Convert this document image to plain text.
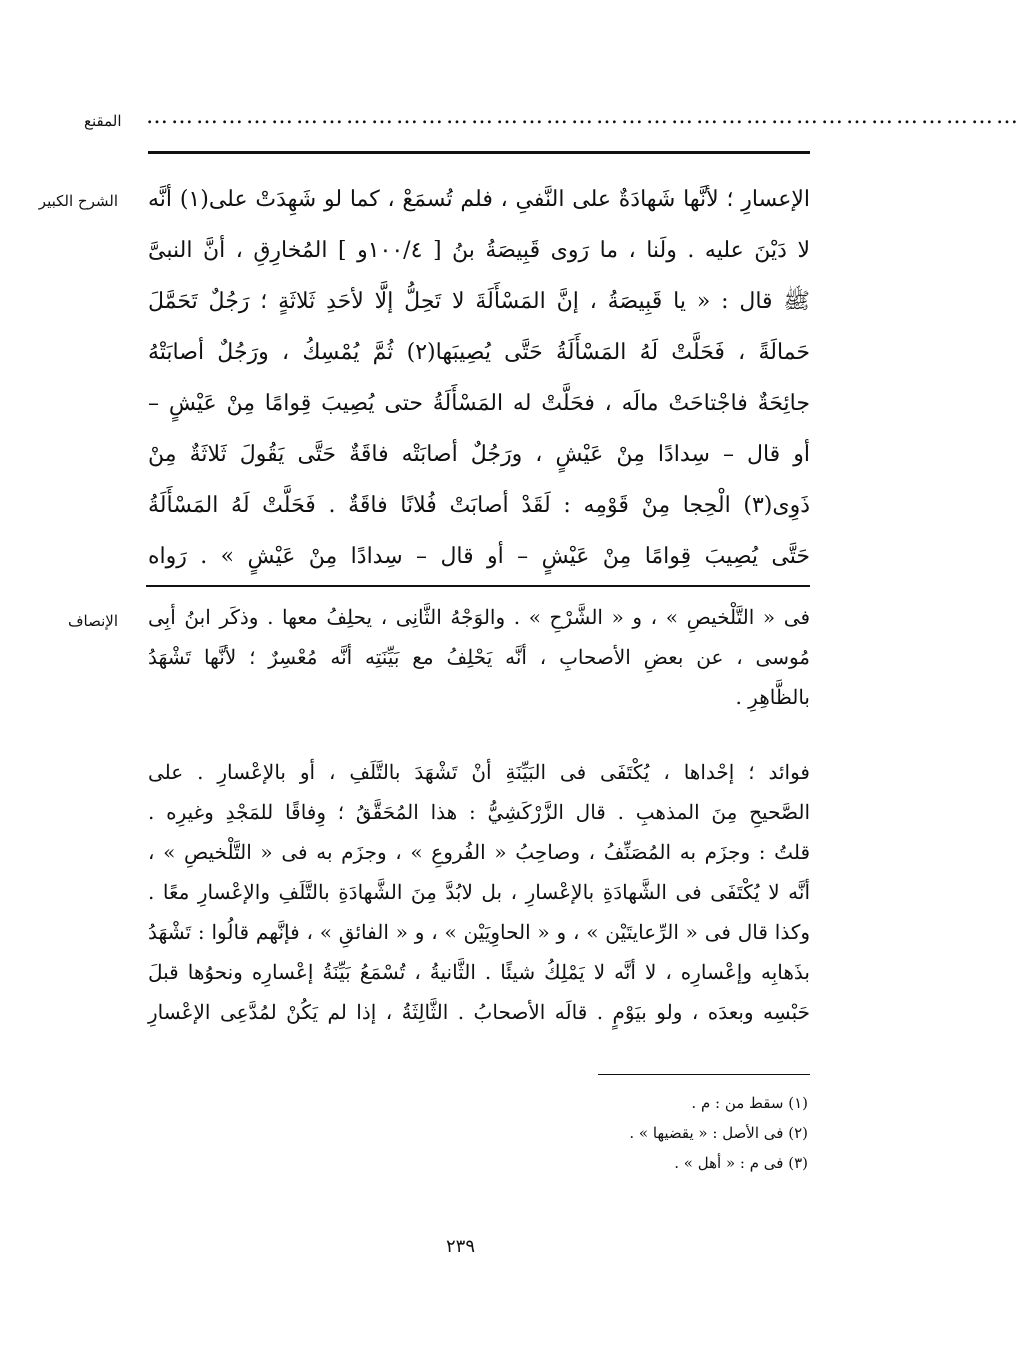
المقنع ……………………………………………………………………………………………
الشرح الكبير الإعسارِ ؛ لأنَّها شَهادَةٌ على النَّفىِ ، فلم تُسمَعْ ، كما لو شَهِدَتْ على(١) أنَّه
لا دَيْنَ عليه . ولَنا ، ما رَوى قَبِيصَةُ بنُ [ ١٠٠/٤و ] المُخارِقِ ، أنَّ النبىَّ
ﷺ قال : « يا قَبِيصَةُ ، إنَّ المَسْأَلَةَ لا تَحِلُّ إلَّا لأحَدِ ثَلاثَةٍ ؛ رَجُلٌ تَحَمَّلَ
حَمالَةً ، فَحَلَّتْ لَهُ المَسْأَلَةُ حَتَّى يُصِيبَها(٢) ثُمَّ يُمْسِكُ ، ورَجُلٌ أصابَتْهُ
جائِحَةٌ فاجْتاحَتْ مالَه ، فحَلَّتْ له المَسْأَلَةُ حتى يُصِيبَ قِوامًا مِنْ عَيْشٍ –
أو قال – سِدادًا مِنْ عَيْشٍ ، ورَجُلٌ أصابَتْه فاقَةٌ حَتَّى يَقُولَ ثَلاثَةٌ مِنْ
ذَوِى(٣) الْحِجا مِنْ قَوْمِه : لَقَدْ أصابَتْ فُلانًا فاقَةٌ . فَحَلَّتْ لَهُ المَسْأَلَةُ
حَتَّى يُصِيبَ قِوامًا مِنْ عَيْشٍ – أو قال – سِدادًا مِنْ عَيْشٍ » . رَواه
الإنصاف فى « التَّلْخيصِ » ، و « الشَّرْحِ » . والوَجْهُ الثَّانِى ، يحلِفُ معها . وذكَر ابنُ أبِى
مُوسى ، عن بعضِ الأصحابِ ، أنَّه يَحْلِفُ مع بَيِّنَتِه أنَّه مُعْسِرٌ ؛ لأنَّها تَشْهَدُ
بالظَّاهِرِ .
فوائد ؛ إحْداها ، يُكْتَفَى فى البَيِّنَةِ أنْ تَشْهَدَ بالتَّلَفِ ، أو بالإعْسارِ . على
الصَّحيحِ مِنَ المذهبِ . قال الزَّرْكَشِيُّ : هذا المُحَقَّقُ ؛ وِفاقًا للمَجْدِ وغيرِه .
قلتُ : وجزَم به المُصَنِّفُ ، وصاحِبُ « الفُروعِ » ، وجزَم به فى « التَّلْخيصِ » ،
أنَّه لا يُكْتَفَى فى الشَّهادَةِ بالإعْسارِ ، بل لابُدَّ مِنَ الشَّهادَةِ بالتَّلَفِ والإعْسارِ معًا .
وكذا قال فى « الرِّعايتَيْن » ، و « الحاوِيَيْن » ، و « الفائقِ » ، فإنَّهم قالُوا : تَشْهَدُ
بذَهابِه وإعْسارِه ، لا أنَّه لا يَمْلِكُ شيئًا . الثَّانيةُ ، تُسْمَعُ بَيِّنَةُ إعْسارِه ونحوُها قبلَ
حَبْسِه وبعدَه ، ولو بيَوْمٍ . قالَه الأصحابُ . الثَّالِثَةُ ، إذا لم يَكُنْ لمُدَّعِى الإعْسارِ
(١) سقط من : م .
(٢) فى الأصل : « يقضيها » .
(٣) فى م : « أهل » .
٢٣٩
